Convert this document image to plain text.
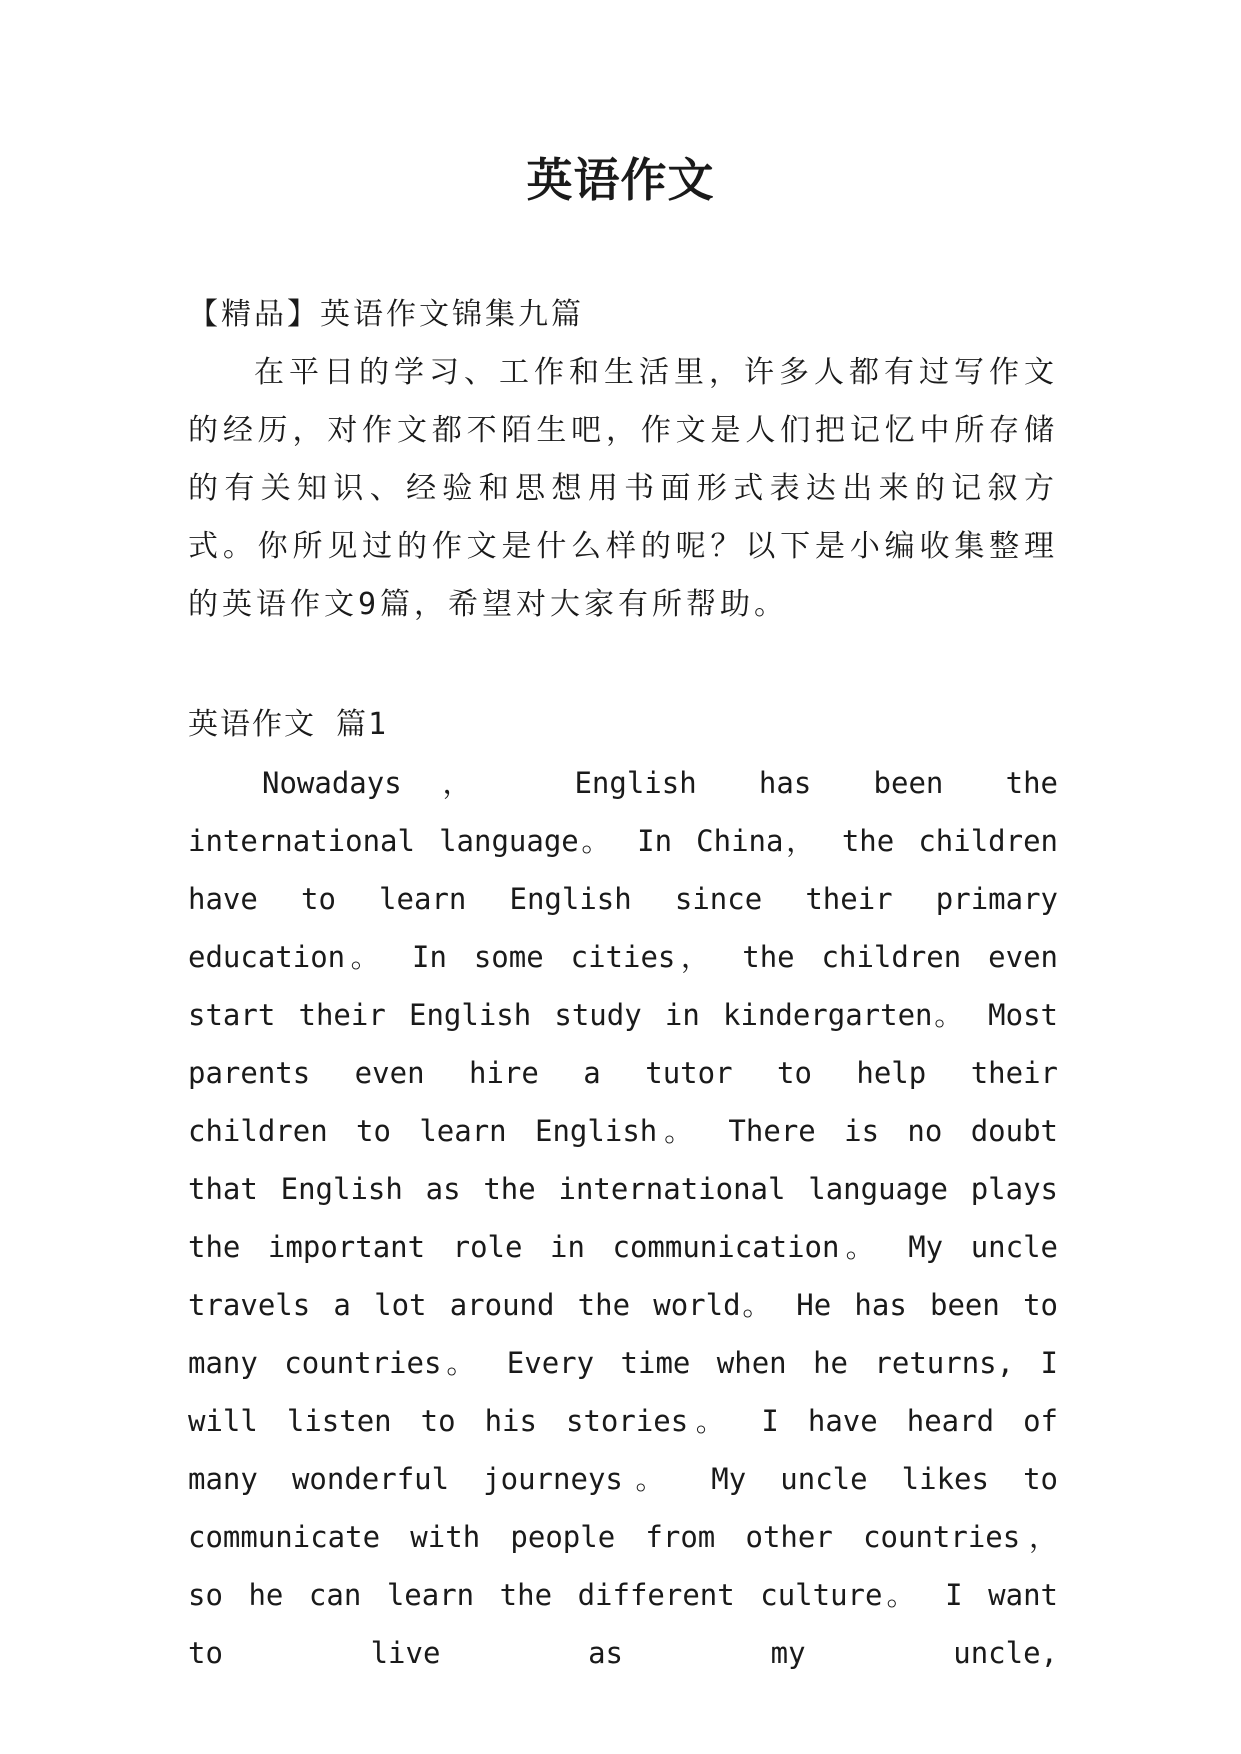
英语作文
【精品】英语作文锦集九篇
在平日的学习、工作和生活里，许多人都有过写作文的经历，对作文都不陌生吧，作文是人们把记忆中所存储的有关知识、经验和思想用书面形式表达出来的记叙方式。你所见过的作文是什么样的呢？以下是小编收集整理的英语作文9篇，希望对大家有所帮助。
英语作文 篇1
Nowadays， English has been the international language。 In China， the children have to learn English since their primary education。 In some cities， the children even start their English study in kindergarten。 Most parents even hire a tutor to help their children to learn English。 There is no doubt that English as the international language plays the important role in communication。 My uncle travels a lot around the world。 He has been to many countries。 Every time when he returns, I will listen to his stories。 I have heard of many wonderful journeys。 My uncle likes to communicate with people from other countries， so he can learn the different culture。 I want to live as my uncle,
